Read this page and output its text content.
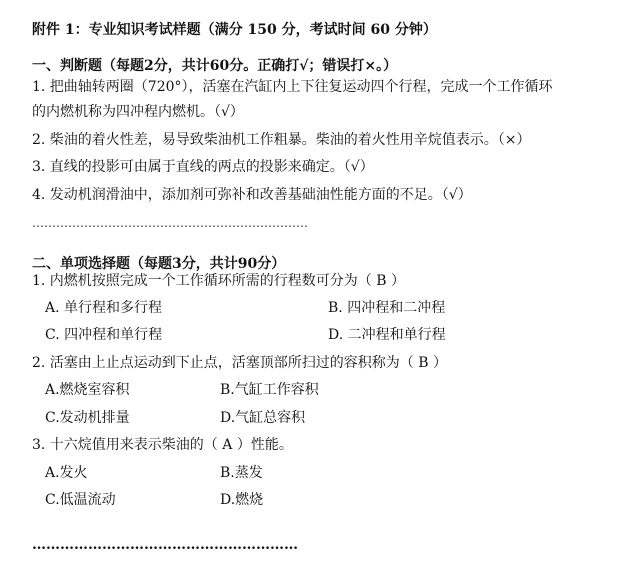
附件 1：专业知识考试样题（满分 150 分，考试时间 60 分钟）
一、判断题（每题2分，共计60分。正确打√；错误打×。）
1. 把曲轴转两圈（720°），活塞在汽缸内上下往复运动四个行程，完成一个工作循环
的内燃机称为四冲程内燃机。（√）
2. 柴油的着火性差，易导致柴油机工作粗暴。柴油的着火性用辛烷值表示。（×）
3. 直线的投影可由属于直线的两点的投影来确定。（√）
4. 发动机润滑油中，添加剂可弥补和改善基础油性能方面的不足。（√）
……………………………………………………………
二、单项选择题（每题3分，共计90分）
1. 内燃机按照完成一个工作循环所需的行程数可分为（ B ）
A. 单行程和多行程	B. 四冲程和二冲程
C. 四冲程和单行程	D. 二冲程和单行程
2. 活塞由上止点运动到下止点，活塞顶部所扫过的容积称为（ B ）
A.燃烧室容积	B.气缸工作容积
C.发动机排量	D.气缸总容积
3. 十六烷值用来表示柴油的（ A ）性能。
A.发火	B.蒸发
C.低温流动	D.燃烧
…………………………………………………
